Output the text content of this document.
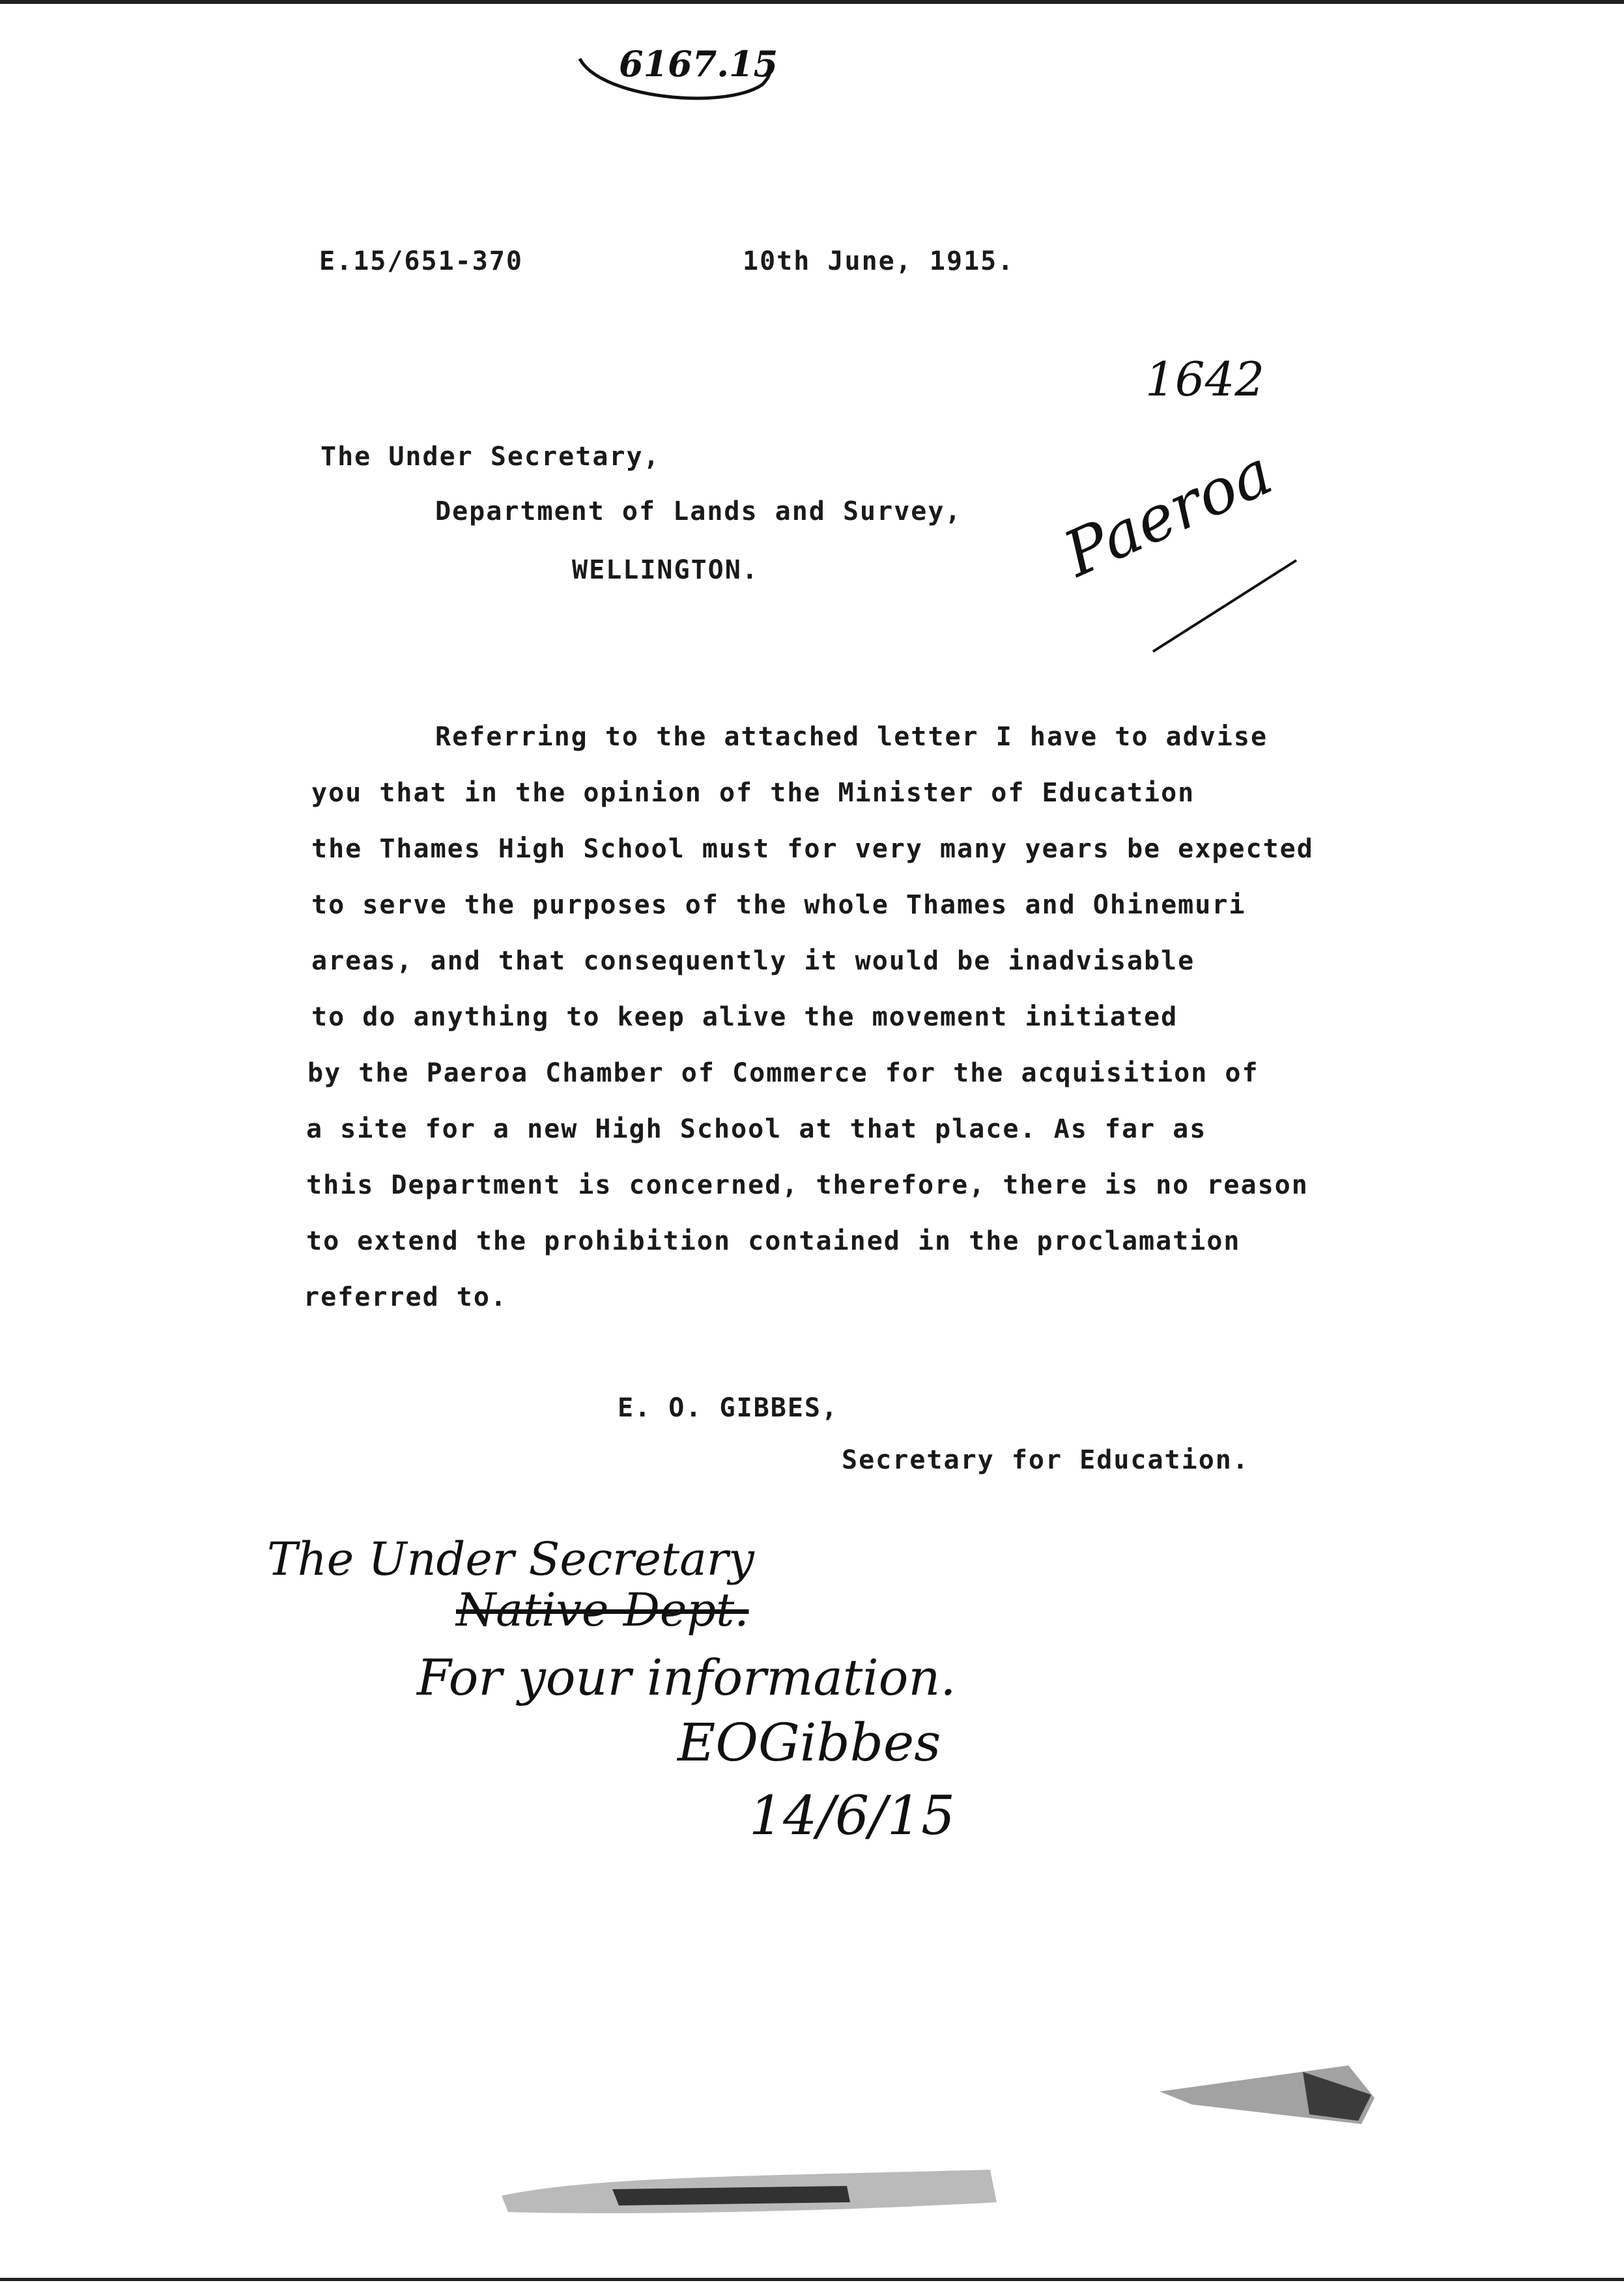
6167.15
E.15/651-370	10th June, 1915.
1642
The Under Secretary,
Department of Lands and Survey,
WELLINGTON.	Paeroa
Referring to the attached letter I have to advise
you that in the opinion of the Minister of Education
the Thames High School must for very many years be expected
to serve the purposes of the whole Thames and Ohinemuri
areas, and that consequently it would be inadvisable
to do anything to keep alive the movement initiated
by the Paeroa Chamber of Commerce for the acquisition of
a site for a new High School at that place. As far as
this Department is concerned, therefore, there is no reason
to extend the prohibition contained in the proclamation
referred to.
E. O. GIBBES,
Secretary for Education.
The Under Secretary
Native Dept.
For your information.
EOGibbes
14/6/15
